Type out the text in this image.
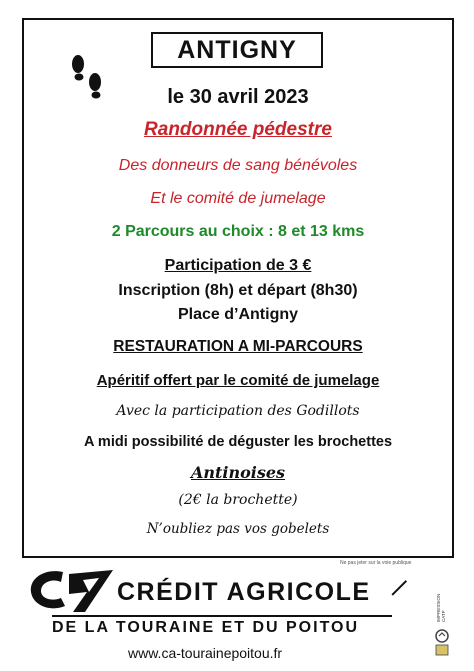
ANTIGNY
le 30 avril 2023
Randonnée pédestre
Des donneurs de sang bénévoles
Et le comité de jumelage
2 Parcours au choix : 8 et 13 kms
Participation de 3 €
Inscription (8h) et départ (8h30)
Place d’Antigny
RESTAURATION A MI-PARCOURS
Apéritif offert par le comité de jumelage
Avec la participation des Godillots
A midi possibilité de déguster les brochettes
Antinoises
(2€ la brochette)
N’oubliez pas vos gobelets
Ne pas jeter sur la voie publique
CRÉDIT AGRICOLE
DE LA TOURAINE ET DU POITOU
www.ca-tourainepoitou.fr
IMPRESSION CATP
